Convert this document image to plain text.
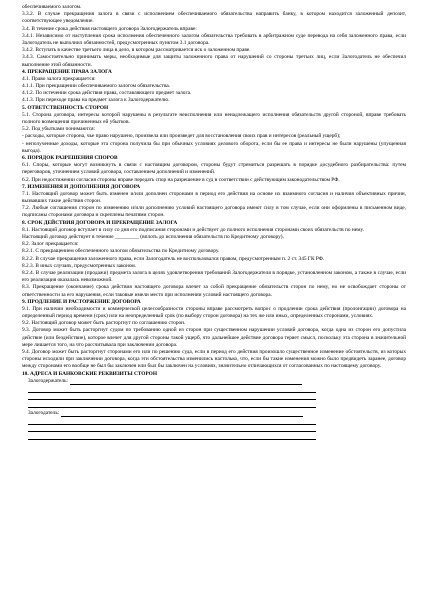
обеспечиваемого залогом.

3.3.2. В случае прекращения залога в связи с исполнением обеспечиваемого обязательства направить банку, в котором находится заложенный депозит, соответствующее уведомление.

3.4. В течение срока действия настоящего договора Залогодержатель вправе:

3.4.1. Независимо от наступления срока исполнения обеспеченного залогом обязательства требовать в арбитражном суде перевода на себя заложенного права, если Залогодатель не выполнил обязанностей, предусмотренных пунктом 3.1 договора.

3.4.2. Вступать в качестве третьего лица в дело, в котором рассматривается иск о заложенном праве.

3.4.3. Самостоятельно принимать меры, необходимые для защиты заложенного права от нарушений со стороны третьих лиц, если Залогодатель не обеспечил выполнение этой обязанности.

4. ПРЕКРАЩЕНИЕ ПРАВА ЗАЛОГА

4.1. Право залога прекращается:

4.1.1. При прекращении обеспечиваемого залогом обязательства.

4.1.2. По истечении срока действия права, составляющего предмет залога.

4.1.3. При переходе права на предмет залога к Залогодержателю.

5. ОТВЕТСТВЕННОСТЬ СТОРОН

5.1. Сторона договора, интересы которой нарушены в результате неисполнения или ненадлежащего исполнения обязательств другой стороной, вправе требовать полного возмещения причиненных ей убытков.

5.2. Под убытками понимаются:

- расходы, которые сторона, чье право нарушено, произвела или произведет для восстановления своих прав и интересов (реальный ущерб);

- неполученные доходы, которые эта сторона получила бы при обычных условиях делового оборота, если бы ее права и интересы не были нарушены (упущенная выгода).

6. ПОРЯДОК РАЗРЕШЕНИЯ СПОРОВ

6.1. Споры, которые могут возникнуть в связи с настоящим договором, стороны будут стремиться разрешать в порядке досудебного разбирательства: путем переговоров, уточнением условий договора, составлением дополнений и изменений.

6.2. При недостижении согласия стороны вправе передать спор на разрешение в суд в соответствии с действующим законодательством РФ.

7. ИЗМЕНЕНИЯ И ДОПОЛНЕНИЯ ДОГОВОРА

7.1. Настоящий договор может быть изменен и/или дополнен сторонами в период его действия на основе их взаимного согласия и наличия объективных причин, вызвавших такие действия сторон.

7.2. Любые соглашения сторон по изменению и/или дополнению условий настоящего договора имеют силу в том случае, если они оформлены в письменном виде, подписаны сторонами договора и скреплены печатями сторон.

8. СРОК ДЕЙСТВИЯ ДОГОВОРА И ПРЕКРАЩЕНИЕ ЗАЛОГА

8.1. Настоящий договор вступает в силу со дня его подписания сторонами и действует до полного исполнения сторонами своих обязательств по нему.

Настоящий договор действует в течение _________ (вплоть до исполнения обязательств по Кредитному договору).

8.2. Залог прекращается:

8.2.1. С прекращением обеспеченного залогом обязательства по Кредитному договору.

8.2.2. В случае прекращения заложенного права, если Залогодатель не воспользовался правом, предусмотренным п. 2 ст. 345 ГК РФ.

8.2.3. В иных случаях, предусмотренных законом.

8.2.4. В случае реализации (продажи) предмета залога в целях удовлетворения требований Залогодержателя в порядке, установленном законом, а также в случае, если его реализация оказалась невозможной.

8.3. Прекращение (окончание) срока действия настоящего договора влечет за собой прекращение обязательств сторон по нему, но не освобождает стороны от ответственности за его нарушения, если таковые имели место при исполнении условий настоящего договора.

9. ПРОДЛЕНИЕ И РАСТОРЖЕНИЕ ДОГОВОРА

9.1. При наличии необходимости и коммерческой целесообразности стороны вправе рассмотреть вопрос о продлении срока действия (пролонгации) договора на определенный период времени (срок) или на неопределенный срок (по выбору сторон договора) на тех же или иных, определенных сторонами, условиях.

9.2. Настоящий договор может быть расторгнут по соглашению сторон.

9.3. Договор может быть расторгнут судом по требованию одной из сторон при существенном нарушении условий договора, когда одна из сторон его допустила действие (или бездействие), которое влечет для другой стороны такой ущерб, что дальнейшее действие договора теряет смысл, поскольку эта сторона в значительной мере лишается того, на что рассчитывала при заключении договора.

9.4. Договор может быть расторгнут сторонами его или по решению суда, если в период его действия произошло существенное изменение обстоятельств, из которых стороны исходили при заключении договора, когда эти обстоятельства изменились настолько, что, если бы такие изменения можно было предвидеть заранее, договор между сторонами его вообще не был бы заключен или был бы заключен на условиях, значительно отличающихся от согласованных по настоящему договору.

10. АДРЕСА И БАНКОВСКИЕ РЕКВИЗИТЫ СТОРОН

Залогодержатель:
Залогодатель:
